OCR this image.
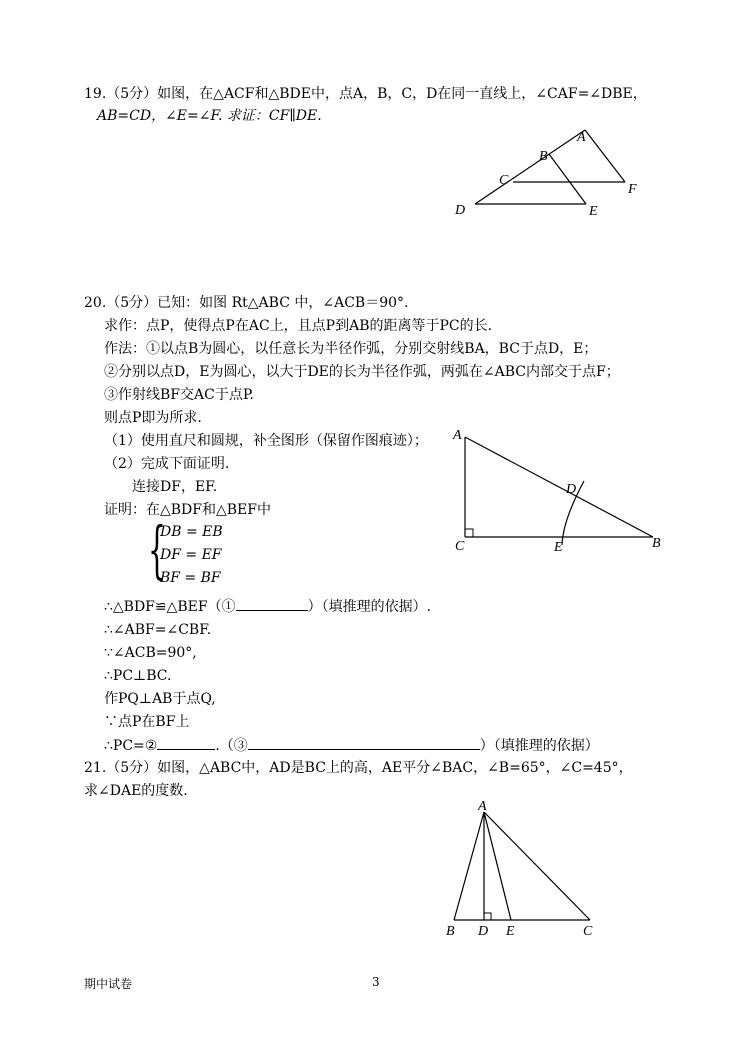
19.（5分）如图，在△ACF和△BDE中，点A，B，C，D在同一直线上，∠CAF=∠DBE，
AB=CD，∠E=∠F. 求证：CF∥DE.
A
B
C
D	E
F
20.（5分）已知：如图 Rt△ABC 中，∠ACB＝90°.
求作：点P，使得点P在AC上，且点P到AB的距离等于PC的长.
作法：①以点B为圆心，以任意长为半径作弧，分别交射线BA，BC于点D，E；
②分别以点D，E为圆心，以大于DE的长为半径作弧，两弧在∠ABC内部交于点F；
③作射线BF交AC于点P.
则点P即为所求.
（1）使用直尺和圆规，补全图形（保留作图痕迹）；
（2）完成下面证明.
连接DF，EF.
证明：在△BDF和△BEF中
{
DB = EB
DF = EF
BF = BF
∴△BDF≌△BEF（①	）（填推理的依据）.
∴∠ABF=∠CBF.
∵∠ACB=90°,
∴PC⊥BC.
作PQ⊥AB于点Q,
∵点P在BF上
∴PC=②	.（③	）（填推理的依据）
A
C	E	B
D
21.（5分）如图，△ABC中，AD是BC上的高，AE平分∠BAC，∠B=65°，∠C=45°，
求∠DAE的度数.
A
B D E	C
期中试卷	3
